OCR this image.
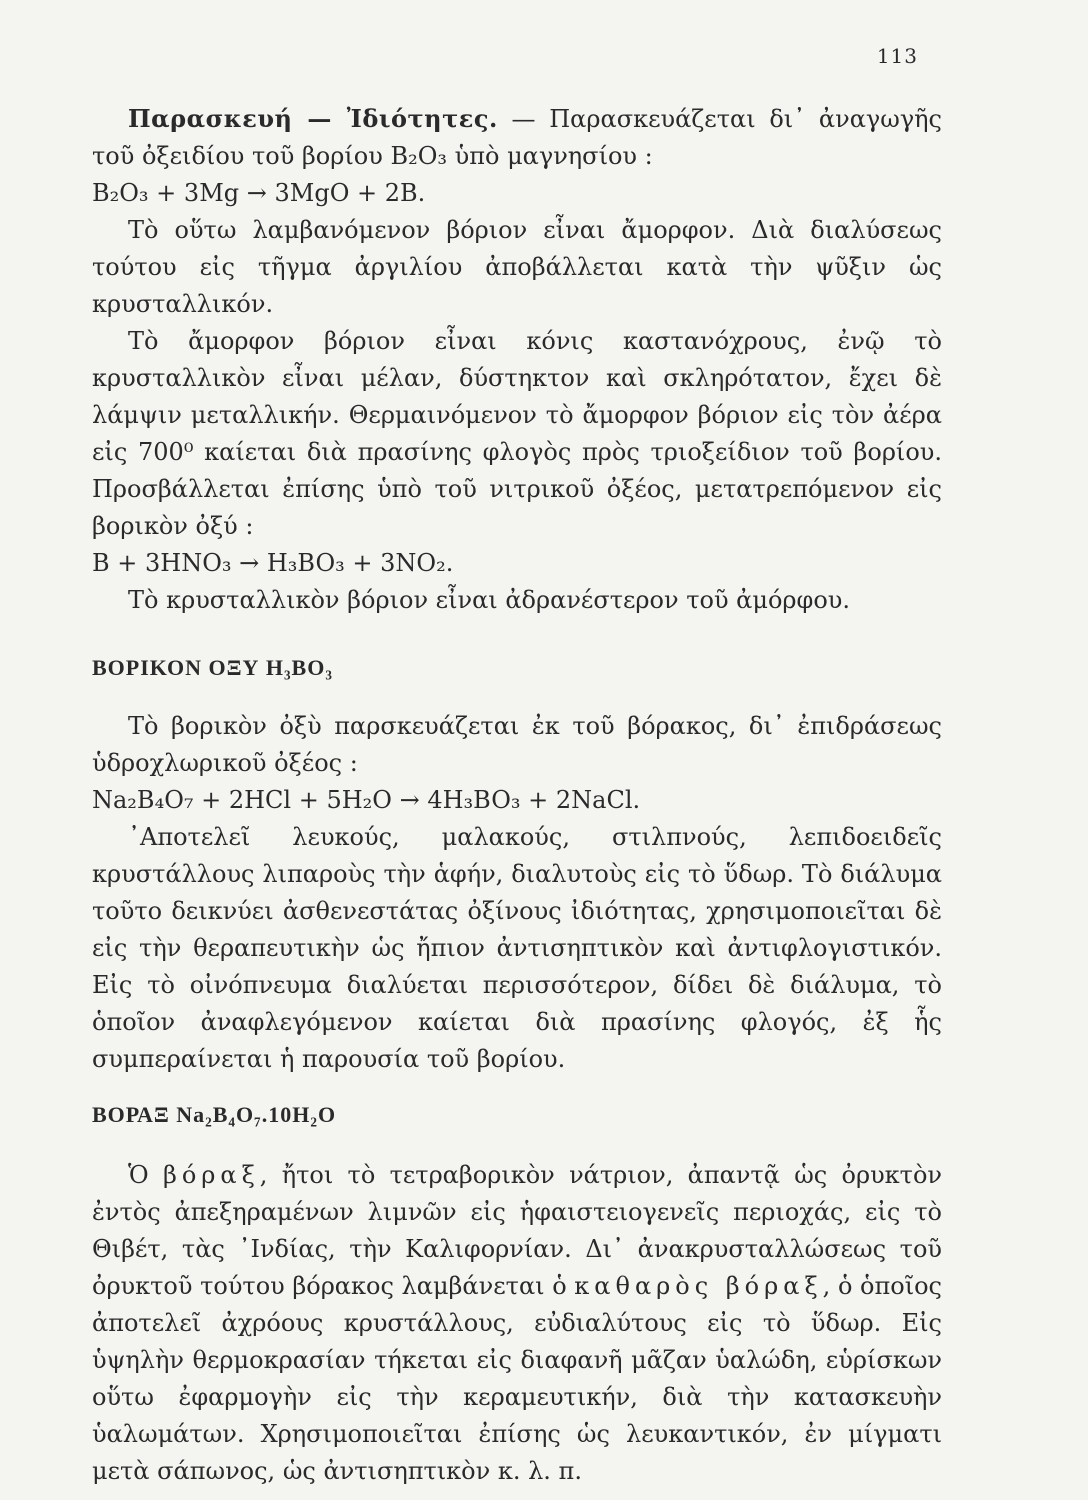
113

Παρασκευή — Ἰδιότητες. — Παρασκευάζεται δι᾿ ἀναγωγῆς τοῦ ὀξειδίου τοῦ βορίου B₂O₃ ὑπὸ μαγνησίου :

B₂O₃ + 3Mg → 3MgO + 2B.

Τὸ οὕτω λαμβανόμενον βόριον εἶναι ἄμορφον. Διὰ διαλύσεως τούτου εἰς τῆγμα ἀργιλίου ἀποβάλλεται κατὰ τὴν ψῦξιν ὡς κρυσταλλικόν.

Τὸ ἄμορφον βόριον εἶναι κόνις καστανόχρους, ἐνῷ τὸ κρυσταλλικὸν εἶναι μέλαν, δύστηκτον καὶ σκληρότατον, ἔχει δὲ λάμψιν μεταλλικήν. Θερμαινόμενον τὸ ἄμορφον βόριον εἰς τὸν ἀέρα εἰς 700⁰ καίεται διὰ πρασίνης φλογὸς πρὸς τριοξείδιον τοῦ βορίου. Προσβάλλεται ἐπίσης ὑπὸ τοῦ νιτρικοῦ ὀξέος, μετατρεπόμενον εἰς βορικὸν ὀξύ :

B + 3HNO₃ → H₃BO₃ + 3NO₂.

Τὸ κρυσταλλικὸν βόριον εἶναι ἀδρανέστερον τοῦ ἀμόρφου.

ΒΟΡΙΚΟΝ ΟΞΥ H₃BO₃

Τὸ βορικὸν ὀξὺ παρσκευάζεται ἐκ τοῦ βόρακος, δι᾿ ἐπιδράσεως ὑδροχλωρικοῦ ὀξέος :

Na₂B₄O₇ + 2HCl + 5H₂O → 4H₃BO₃ + 2NaCl.

᾿Αποτελεῖ λευκούς, μαλακούς, στιλπνούς, λεπιδοειδεῖς κρυστάλλους λιπαροὺς τὴν ἁφήν, διαλυτοὺς εἰς τὸ ὕδωρ. Τὸ διάλυμα τοῦτο δεικνύει ἀσθενεστάτας ὀξίνους ἰδιότητας, χρησιμοποιεῖται δὲ εἰς τὴν θεραπευτικὴν ὡς ἤπιον ἀντισηπτικὸν καὶ ἀντιφλογιστικόν. Εἰς τὸ οἰνόπνευμα διαλύεται περισσότερον, δίδει δὲ διάλυμα, τὸ ὁποῖον ἀναφλεγόμενον καίεται διὰ πρασίνης φλογός, ἐξ ἧς συμπεραίνεται ἡ παρουσία τοῦ βορίου.

ΒΟΡΑΞ Na₂B₄O₇.10H₂O

Ὁ βόραξ, ἤτοι τὸ τετραβορικὸν νάτριον, ἀπαντᾷ ὡς ὀρυκτὸν ἐντὸς ἀπεξηραμένων λιμνῶν εἰς ἡφαιστειογενεῖς περιοχάς, εἰς τὸ Θιβέτ, τὰς ᾿Ινδίας, τὴν Καλιφορνίαν. Δι᾿ ἀνακρυσταλλώσεως τοῦ ὀρυκτοῦ τούτου βόρακος λαμβάνεται ὁ καθαρὸς βόραξ, ὁ ὁποῖος ἀποτελεῖ ἀχρόους κρυστάλλους, εὐδιαλύτους εἰς τὸ ὕδωρ. Εἰς ὑψηλὴν θερμοκρασίαν τήκεται εἰς διαφανῆ μᾶζαν ὑαλώδη, εὑρίσκων οὕτω ἐφαρμογὴν εἰς τὴν κεραμευτικήν, διὰ τὴν κατασκευὴν ὑαλωμάτων. Χρησιμοποιεῖται ἐπίσης ὡς λευκαντικόν, ἐν μίγματι μετὰ σάπωνος, ὡς ἀντισηπτικὸν κ. λ. π.
